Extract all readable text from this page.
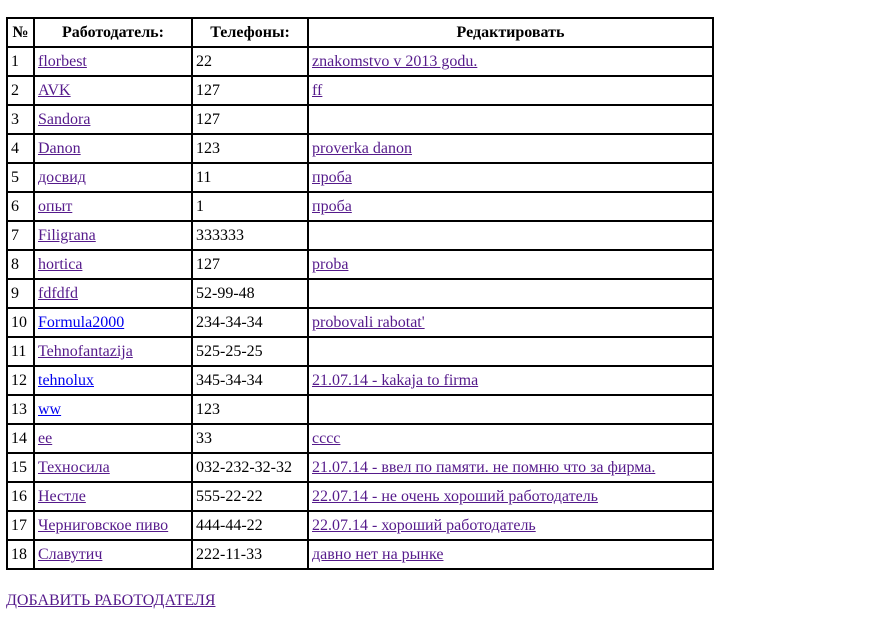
№	Работодатель:	Телефоны:	Редактировать
1	florbest	22	znakomstvo v 2013 godu.
2	AVK	127	ff
3	Sandora	127	
4	Danon	123	proverka danon
5	досвид	11	проба
6	опыт	1	проба
7	Filigrana	333333	
8	hortica	127	proba
9	fdfdfd	52-99-48	
10	Formula2000	234-34-34	probovali rabotat'
11	Tehnofantazija	525-25-25	
12	tehnolux	345-34-34	21.07.14 - kakaja to firma
13	ww	123	
14	ee	33	cccc
15	Техносила	032-232-32-32	21.07.14 - ввел по памяти. не помню что за фирма.
16	Нестле	555-22-22	22.07.14 - не очень хороший работодатель
17	Черниговское пиво	444-44-22	22.07.14 - хороший работодатель
18	Славутич	222-11-33	давно нет на рынке
ДОБАВИТЬ РАБОТОДАТЕЛЯ
